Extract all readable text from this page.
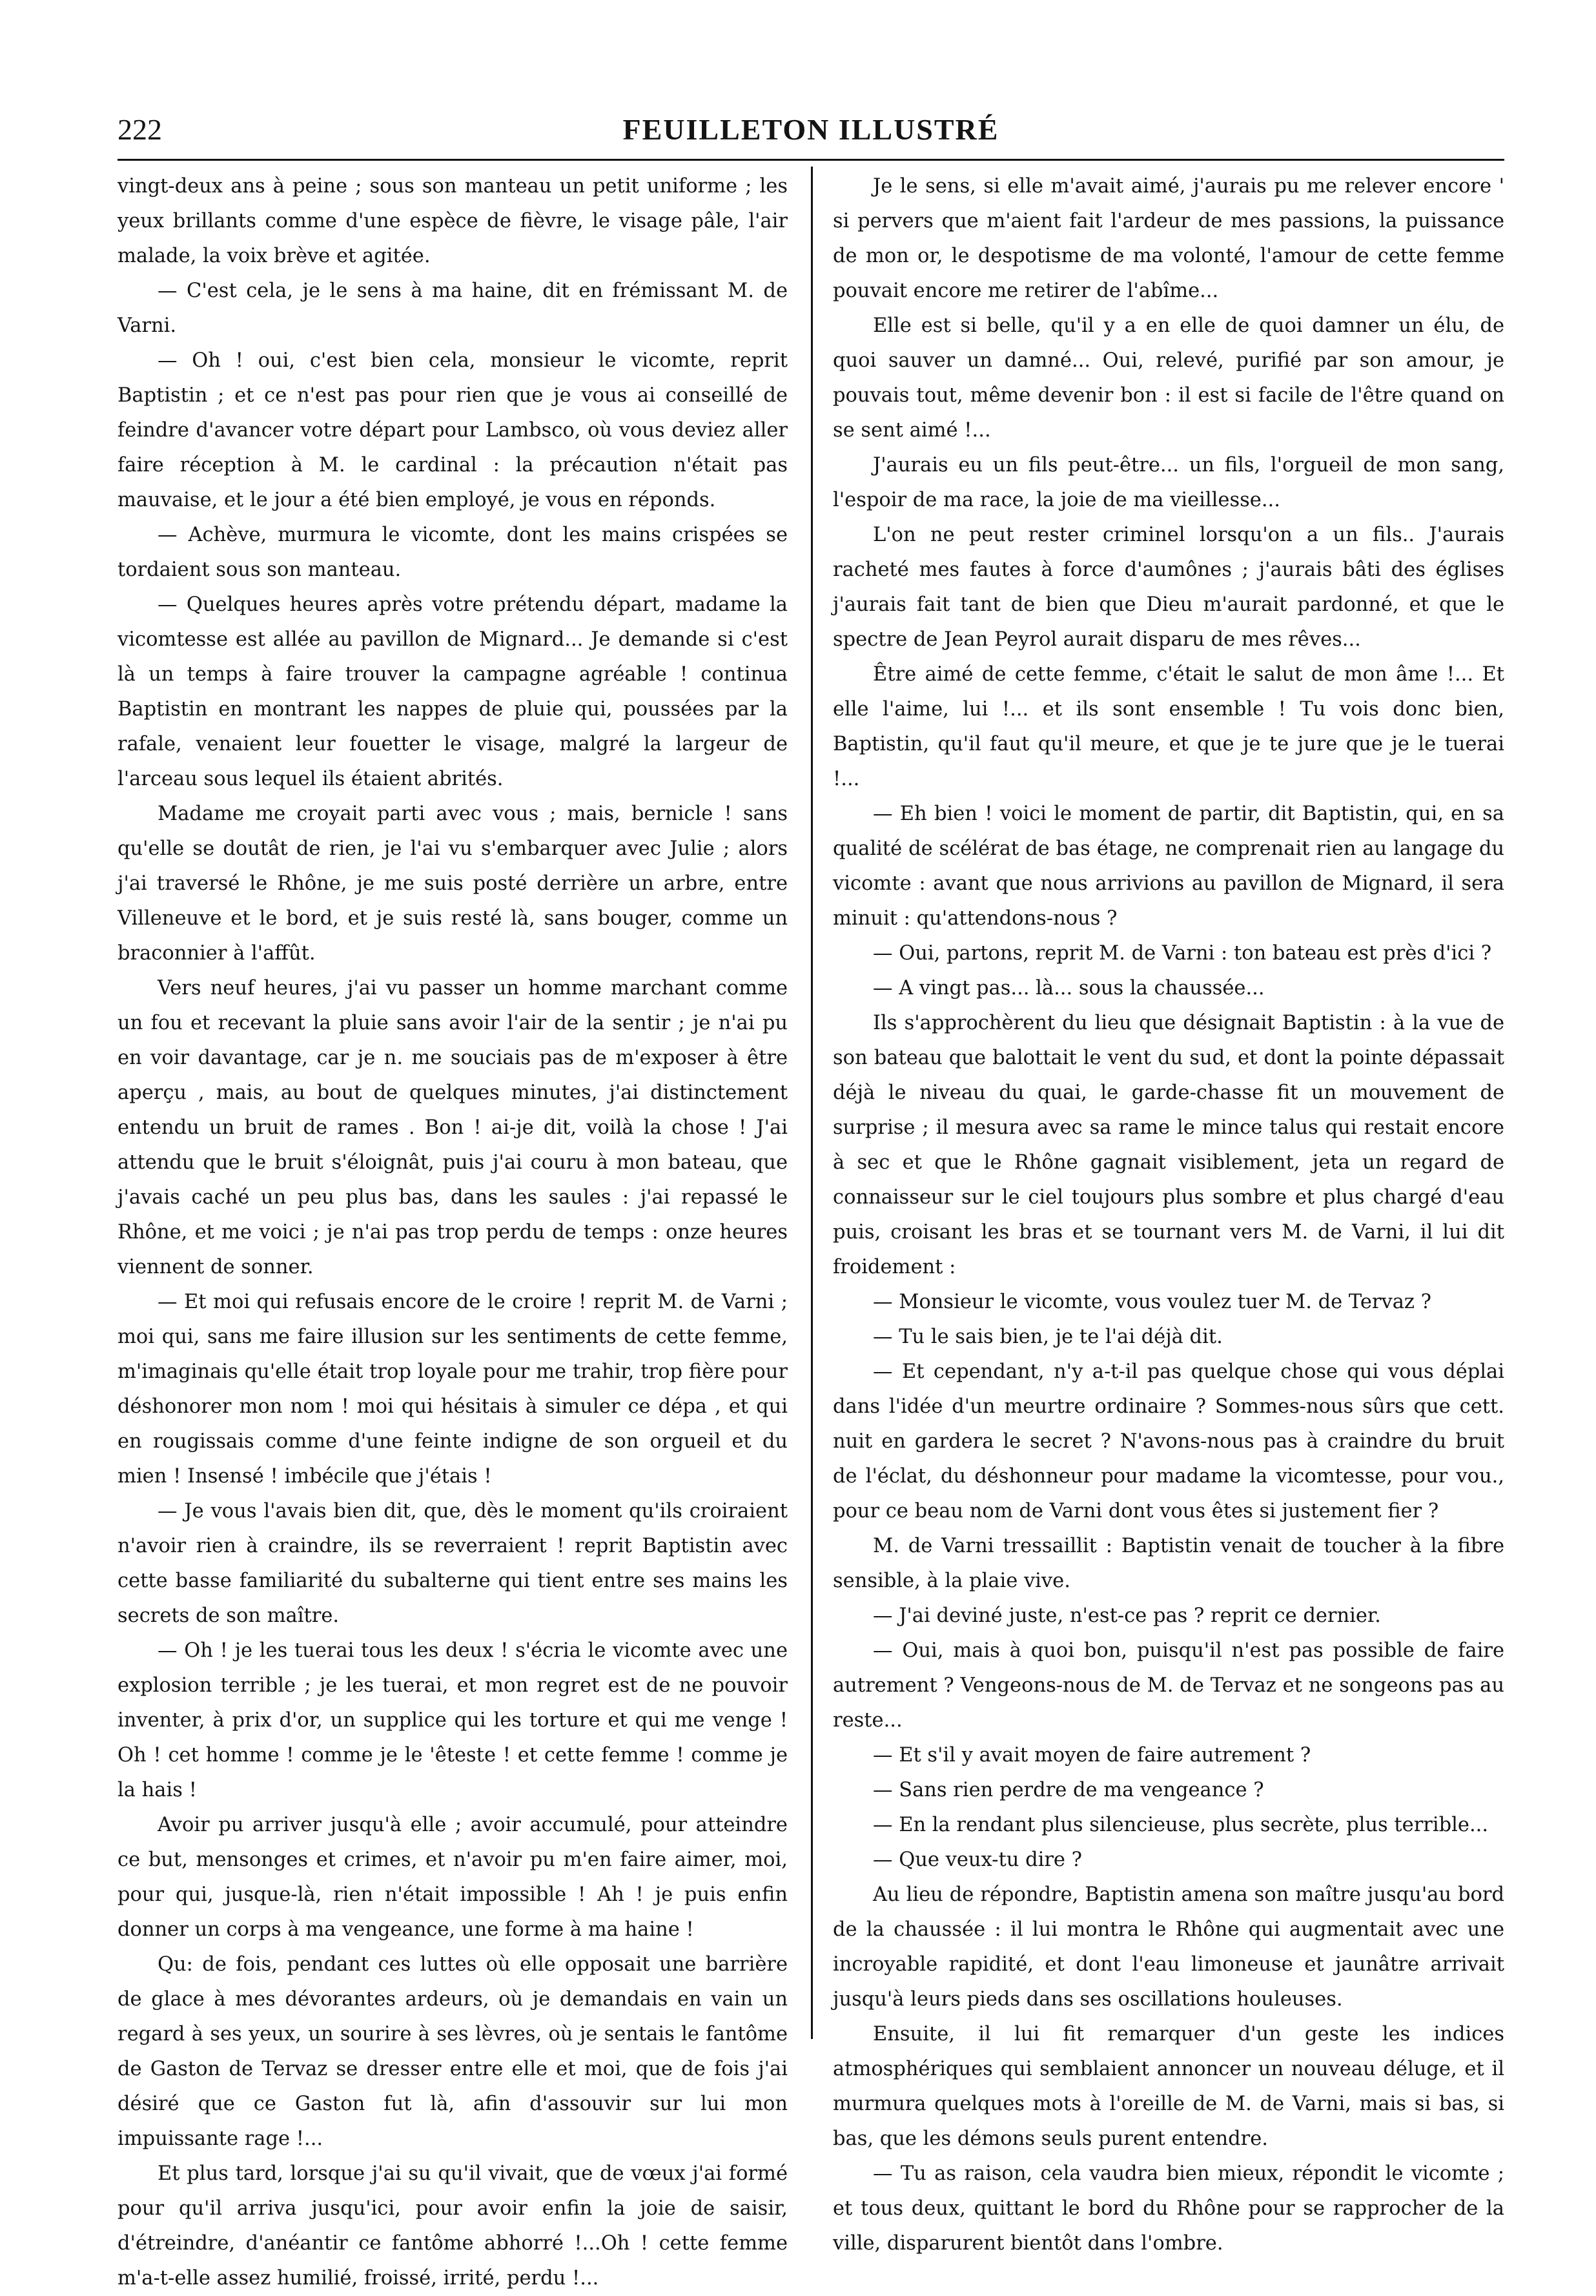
222	FEUILLETON ILLUSTRÉ

vingt-deux ans à peine ; sous son manteau un petit uniforme ; les yeux brillants comme d'une espèce de fièvre, le visage pâle, l'air malade, la voix brève et agitée.

— C'est cela, je le sens à ma haine, dit en frémissant M. de Varni.

— Oh ! oui, c'est bien cela, monsieur le vicomte, reprit Baptistin ; et ce n'est pas pour rien que je vous ai conseillé de feindre d'avancer votre départ pour Lambsco, où vous deviez aller faire réception à M. le cardinal : la précaution n'était pas mauvaise, et le jour a été bien employé, je vous en réponds.

— Achève, murmura le vicomte, dont les mains crispées se tordaient sous son manteau.

— Quelques heures après votre prétendu départ, madame la vicomtesse est allée au pavillon de Mignard... Je demande si c'est là un temps à faire trouver la campagne agréable ! continua Baptistin en montrant les nappes de pluie qui, poussées par la rafale, venaient leur fouetter le visage, malgré la largeur de l'arceau sous lequel ils étaient abrités.

Madame me croyait parti avec vous ; mais, bernicle ! sans qu'elle se doutât de rien, je l'ai vu s'embarquer avec Julie ; alors j'ai traversé le Rhône, je me suis posté derrière un arbre, entre Villeneuve et le bord, et je suis resté là, sans bouger, comme un braconnier à l'affût.

Vers neuf heures, j'ai vu passer un homme marchant comme un fou et recevant la pluie sans avoir l'air de la sentir ; je n'ai pu en voir davantage, car je n. me souciais pas de m'exposer à être aperçu , mais, au bout de quelques minutes, j'ai distinctement entendu un bruit de rames . Bon ! ai-je dit, voilà la chose ! J'ai attendu que le bruit s'éloignât, puis j'ai couru à mon bateau, que j'avais caché un peu plus bas, dans les saules : j'ai repassé le Rhône, et me voici ; je n'ai pas trop perdu de temps : onze heures viennent de sonner.

— Et moi qui refusais encore de le croire ! reprit M. de Varni ; moi qui, sans me faire illusion sur les sentiments de cette femme, m'imaginais qu'elle était trop loyale pour me trahir, trop fière pour déshonorer mon nom ! moi qui hésitais à simuler ce dépa , et qui en rougissais comme d'une feinte indigne de son orgueil et du mien ! Insensé ! imbécile que j'étais !

— Je vous l'avais bien dit, que, dès le moment qu'ils croiraient n'avoir rien à craindre, ils se reverraient ! reprit Baptistin avec cette basse familiarité du subalterne qui tient entre ses mains les secrets de son maître.

— Oh ! je les tuerai tous les deux ! s'écria le vicomte avec une explosion terrible ; je les tuerai, et mon regret est de ne pouvoir inventer, à prix d'or, un supplice qui les torture et qui me venge ! Oh ! cet homme ! comme je le 'êteste ! et cette femme ! comme je la hais !

Avoir pu arriver jusqu'à elle ; avoir accumulé, pour atteindre ce but, mensonges et crimes, et n'avoir pu m'en faire aimer, moi, pour qui, jusque-là, rien n'était impossible ! Ah ! je puis enfin donner un corps à ma vengeance, une forme à ma haine !

Qu: de fois, pendant ces luttes où elle opposait une barrière de glace à mes dévorantes ardeurs, où je demandais en vain un regard à ses yeux, un sourire à ses lèvres, où je sentais le fantôme de Gaston de Tervaz se dresser entre elle et moi, que de fois j'ai désiré que ce Gaston fut là, afin d'assouvir sur lui mon impuissante rage !...

Et plus tard, lorsque j'ai su qu'il vivait, que de vœux j'ai formé pour qu'il arriva jusqu'ici, pour avoir enfin la joie de saisir, d'étreindre, d'anéantir ce fantôme abhorré !...Oh ! cette femme m'a-t-elle assez humilié, froissé, irrité, perdu !...

Je le sens, si elle m'avait aimé, j'aurais pu me relever encore ' si pervers que m'aient fait l'ardeur de mes passions, la puissance de mon or, le despotisme de ma volonté, l'amour de cette femme pouvait encore me retirer de l'abîme...

Elle est si belle, qu'il y a en elle de quoi damner un élu, de quoi sauver un damné... Oui, relevé, purifié par son amour, je pouvais tout, même devenir bon : il est si facile de l'être quand on se sent aimé !...

J'aurais eu un fils peut-être... un fils, l'orgueil de mon sang, l'espoir de ma race, la joie de ma vieillesse...

L'on ne peut rester criminel lorsqu'on a un fils.. J'aurais racheté mes fautes à force d'aumônes ; j'aurais bâti des églises j'aurais fait tant de bien que Dieu m'aurait pardonné, et que le spectre de Jean Peyrol aurait disparu de mes rêves...

Être aimé de cette femme, c'était le salut de mon âme !... Et elle l'aime, lui !... et ils sont ensemble ! Tu vois donc bien, Baptistin, qu'il faut qu'il meure, et que je te jure que je le tuerai !...

— Eh bien ! voici le moment de partir, dit Baptistin, qui, en sa qualité de scélérat de bas étage, ne comprenait rien au langage du vicomte : avant que nous arrivions au pavillon de Mignard, il sera minuit : qu'attendons-nous ?

— Oui, partons, reprit M. de Varni : ton bateau est près d'ici ?

— A vingt pas... là... sous la chaussée...

Ils s'approchèrent du lieu que désignait Baptistin : à la vue de son bateau que balottait le vent du sud, et dont la pointe dépassait déjà le niveau du quai, le garde-chasse fit un mouvement de surprise ; il mesura avec sa rame le mince talus qui restait encore à sec et que le Rhône gagnait visiblement, jeta un regard de connaisseur sur le ciel toujours plus sombre et plus chargé d'eau puis, croisant les bras et se tournant vers M. de Varni, il lui dit froidement :

— Monsieur le vicomte, vous voulez tuer M. de Tervaz ?

— Tu le sais bien, je te l'ai déjà dit.

— Et cependant, n'y a-t-il pas quelque chose qui vous déplai dans l'idée d'un meurtre ordinaire ? Sommes-nous sûrs que cett. nuit en gardera le secret ? N'avons-nous pas à craindre du bruit de l'éclat, du déshonneur pour madame la vicomtesse, pour vou., pour ce beau nom de Varni dont vous êtes si justement fier ?

M. de Varni tressaillit : Baptistin venait de toucher à la fibre sensible, à la plaie vive.

— J'ai deviné juste, n'est-ce pas ? reprit ce dernier.

— Oui, mais à quoi bon, puisqu'il n'est pas possible de faire autrement ? Vengeons-nous de M. de Tervaz et ne songeons pas au reste...

— Et s'il y avait moyen de faire autrement ?

— Sans rien perdre de ma vengeance ?

— En la rendant plus silencieuse, plus secrète, plus terrible...

— Que veux-tu dire ?

Au lieu de répondre, Baptistin amena son maître jusqu'au bord de la chaussée : il lui montra le Rhône qui augmentait avec une incroyable rapidité, et dont l'eau limoneuse et jaunâtre arrivait jusqu'à leurs pieds dans ses oscillations houleuses.

Ensuite, il lui fit remarquer d'un geste les indices atmosphériques qui semblaient annoncer un nouveau déluge, et il murmura quelques mots à l'oreille de M. de Varni, mais si bas, si bas, que les démons seuls purent entendre.

— Tu as raison, cela vaudra bien mieux, répondit le vicomte ; et tous deux, quittant le bord du Rhône pour se rapprocher de la ville, disparurent bientôt dans l'ombre.
